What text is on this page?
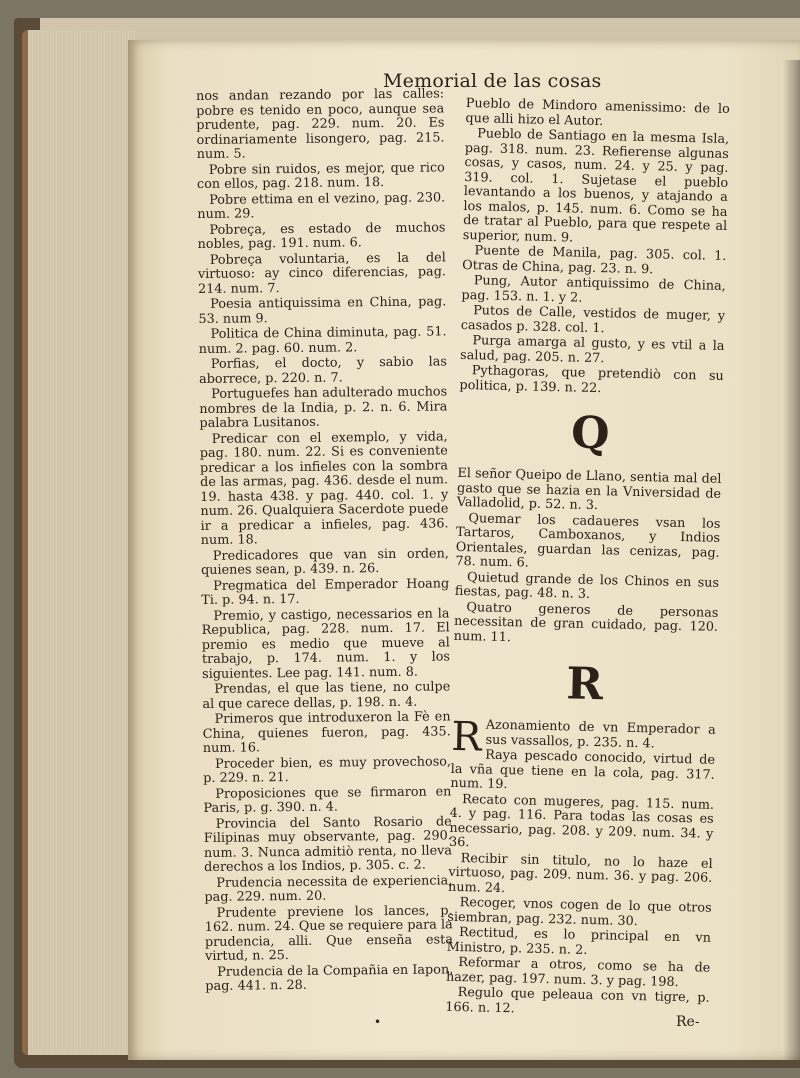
Memorial de las cosas
nos andan rezando por las calles: pobre es tenido en poco, aunque sea prudente, pag. 229. num. 20. Es ordinariamente lisongero, pag. 215. num. 5.
Pobre sin ruidos, es mejor, que rico con ellos, pag. 218. num. 18.
Pobre ettima en el vezino, pag. 230. num. 29.
Pobreça, es estado de muchos nobles, pag. 191. num. 6.
Pobreça voluntaria, es la del virtuoso: ay cinco diferencias, pag. 214. num. 7.
Poesia antiquissima en China, pag. 53. num 9.
Politica de China diminuta, pag. 51. num. 2. pag. 60. num. 2.
Porfias, el docto, y sabio las aborrece, p. 220. n. 7.
Portuguefes han adulterado muchos nombres de la India, p. 2. n. 6. Mira palabra Lusitanos.
Predicar con el exemplo, y vida, pag. 180. num. 22. Si es conveniente predicar a los infieles con la sombra de las armas, pag. 436. desde el num. 19. hasta 438. y pag. 440. col. 1. y num. 26. Qualquiera Sacerdote puede ir a predicar a infieles, pag. 436. num. 18.
Predicadores que van sin orden, quienes sean, p. 439. n. 26.
Pregmatica del Emperador Hoang Ti. p. 94. n. 17.
Premio, y castigo, necessarios en la Republica, pag. 228. num. 17. El premio es medio que mueve al trabajo, p. 174. num. 1. y los siguientes. Lee pag. 141. num. 8.
Prendas, el que las tiene, no culpe al que carece dellas, p. 198. n. 4.
Primeros que introduxeron la Fè en China, quienes fueron, pag. 435. num. 16.
Proceder bien, es muy provechoso, p. 229. n. 21.
Proposiciones que se firmaron en Paris, p. g. 390. n. 4.
Provincia del Santo Rosario de Filipinas muy observante, pag. 290. num. 3. Nunca admitiò renta, no lleva derechos a los Indios, p. 305. c. 2.
Prudencia necessita de experiencia, pag. 229. num. 20.
Prudente previene los lances, p. 162. num. 24. Que se requiere para la prudencia, alli. Que enseña esta virtud, n. 25.
Prudencia de la Compañia en Iapon, pag. 441. n. 28.
Pueblo de Mindoro amenissimo: de lo que alli hizo el Autor.
Pueblo de Santiago en la mesma Isla, pag. 318. num. 23. Refierense algunas cosas, y casos, num. 24. y 25. y pag. 319. col. 1. Sujetase el pueblo levantando a los buenos, y atajando a los malos, p. 145. num. 6. Como se ha de tratar al Pueblo, para que respete al superior, num. 9.
Puente de Manila, pag. 305. col. 1. Otras de China, pag. 23. n. 9.
Pung, Autor antiquissimo de China, pag. 153. n. 1. y 2.
Putos de Calle, vestidos de muger, y casados p. 328. col. 1.
Purga amarga al gusto, y es vtil a la salud, pag. 205. n. 27.
Pythagoras, que pretendiò con su politica, p. 139. n. 22.
Q
El señor Queipo de Llano, sentia mal del gasto que se hazia en la Vniversidad de Valladolid, p. 52. n. 3.
Quemar los cadaueres vsan los Tartaros, Camboxanos, y Indios Orientales, guardan las cenizas, pag. 78. num. 6.
Quietud grande de los Chinos en sus fiestas, pag. 48. n. 3.
Quatro generos de personas necessitan de gran cuidado, pag. 120. num. 11.
R
R Azonamiento de vn Emperador a sus vassallos, p. 235. n. 4.
Raya pescado conocido, virtud de la vña que tiene en la cola, pag. 317. num. 19.
Recato con mugeres, pag. 115. num. 4. y pag. 116. Para todas las cosas es necessario, pag. 208. y 209. num. 34. y 36.
Recibir sin titulo, no lo haze el virtuoso, pag. 209. num. 36. y pag. 206. num. 24.
Recoger, vnos cogen de lo que otros siembran, pag. 232. num. 30.
Rectitud, es lo principal en vn Ministro, p. 235. n. 2.
Reformar a otros, como se ha de hazer, pag. 197. num. 3. y pag. 198.
Regulo que peleaua con vn tigre, p. 166. n. 12.
•	Re-
